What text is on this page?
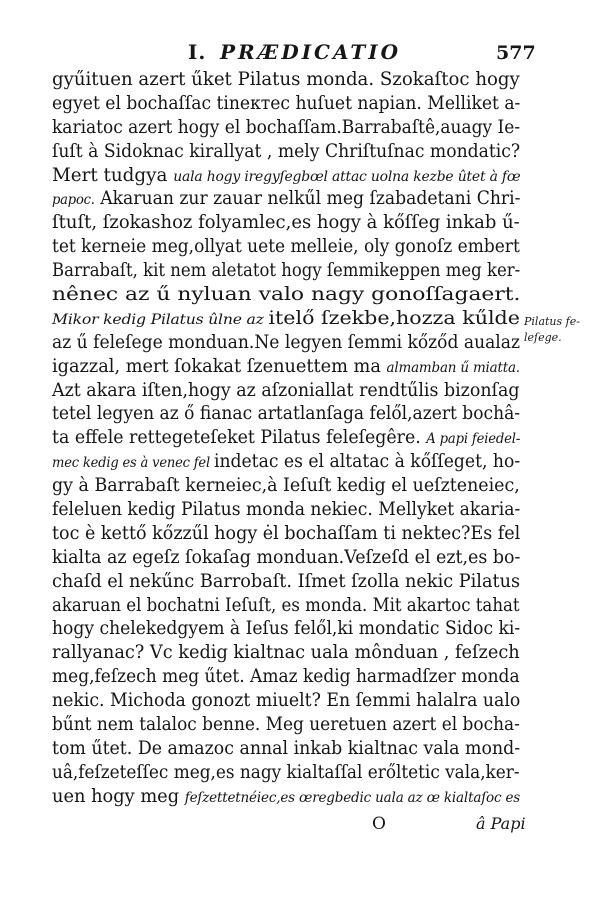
I. PRÆDICATIO	577
gyűituen azert űket Pilatus monda. Szokaſtoc hogy
egyet el bochaſſac tineктес huſuet napian. Melliket a-
kariatoc azert hogy el bochaſſam.Barrabaſtê,auagy Ie-
ſuſt à Sidoknac kirallyat , mely Chriſtuſnac mondatic?
Mert tudgya uala hogy iregyſegbœl attac uolna kezbe ûtet à fœ
papoc. Akaruan zur zauar nelkűl meg ſzabadetani Chri-
ſtuſt, ſzokashoz folyamlec,es hogy à kőſſeg inkab ű-
tet kerneie meg,ollyat uete melleie, oly gonoſz embert
Barrabaſt, kit nem aletatot hogy ſemmikeppen meg ker-
nênec az ű nyluan valo nagy gonoſſagaert.
Mikor kedig Pilatus ûlne az itelő ſzekbe,hozza kűlde
az ű feleſege monduan.Ne legyen ſemmi kőződ aualaz
igazzal, mert ſokakat ſzenuettem ma almamban ű miatta.
Azt akara iſten,hogy az aſzoniallat rendtűlis bizonſag
tetel legyen az ő fianac artatlanſaga felől,azert bochâ-
ta effele rettegeteſeket Pilatus feleſegêre. A papi feiedel-
mec kedig es à venec fel indetac es el altatac à kőſſeget, ho-
gy à Barrabaſt kerneiec,à Ieſuſt kedig el ueſzteneiec,
feleluen kedig Pilatus monda nekiec. Mellyket akaria-
toc è kettő kőzzűl hogy ėl bochaſſam ti nektec?Es fel
kialta az egeſz ſokaſag monduan.Veſzeſd el ezt,es bo-
chaſd el nekűnc Barrobaſt. Iſmet ſzolla nekic Pilatus
akaruan el bochatni Ieſuſt, es monda. Mit akartoc tahat
hogy chelekedgyem à Ieſus felől,ki mondatic Sidoc ki-
rallyanac? Vc kedig kialtnac uala mônduan , feſzech
meg,feſzech meg űtet. Amaz kedig harmadſzer monda
nekic. Michoda gonozt miuelt? En ſemmi halalra ualo
bűnt nem talaloc benne. Meg ueretuen azert el bocha-
tom űtet. De amazoc annal inkab kialtnac vala mond-
uâ,feſzeteſſec meg,es nagy kialtaſſal erőltetic vala,ker-
uen hogy meg feſzettetnéiec,es œregbedic uala az œ kialtaſoc es
Pilatus fe-
leſege.
O	â Papi
